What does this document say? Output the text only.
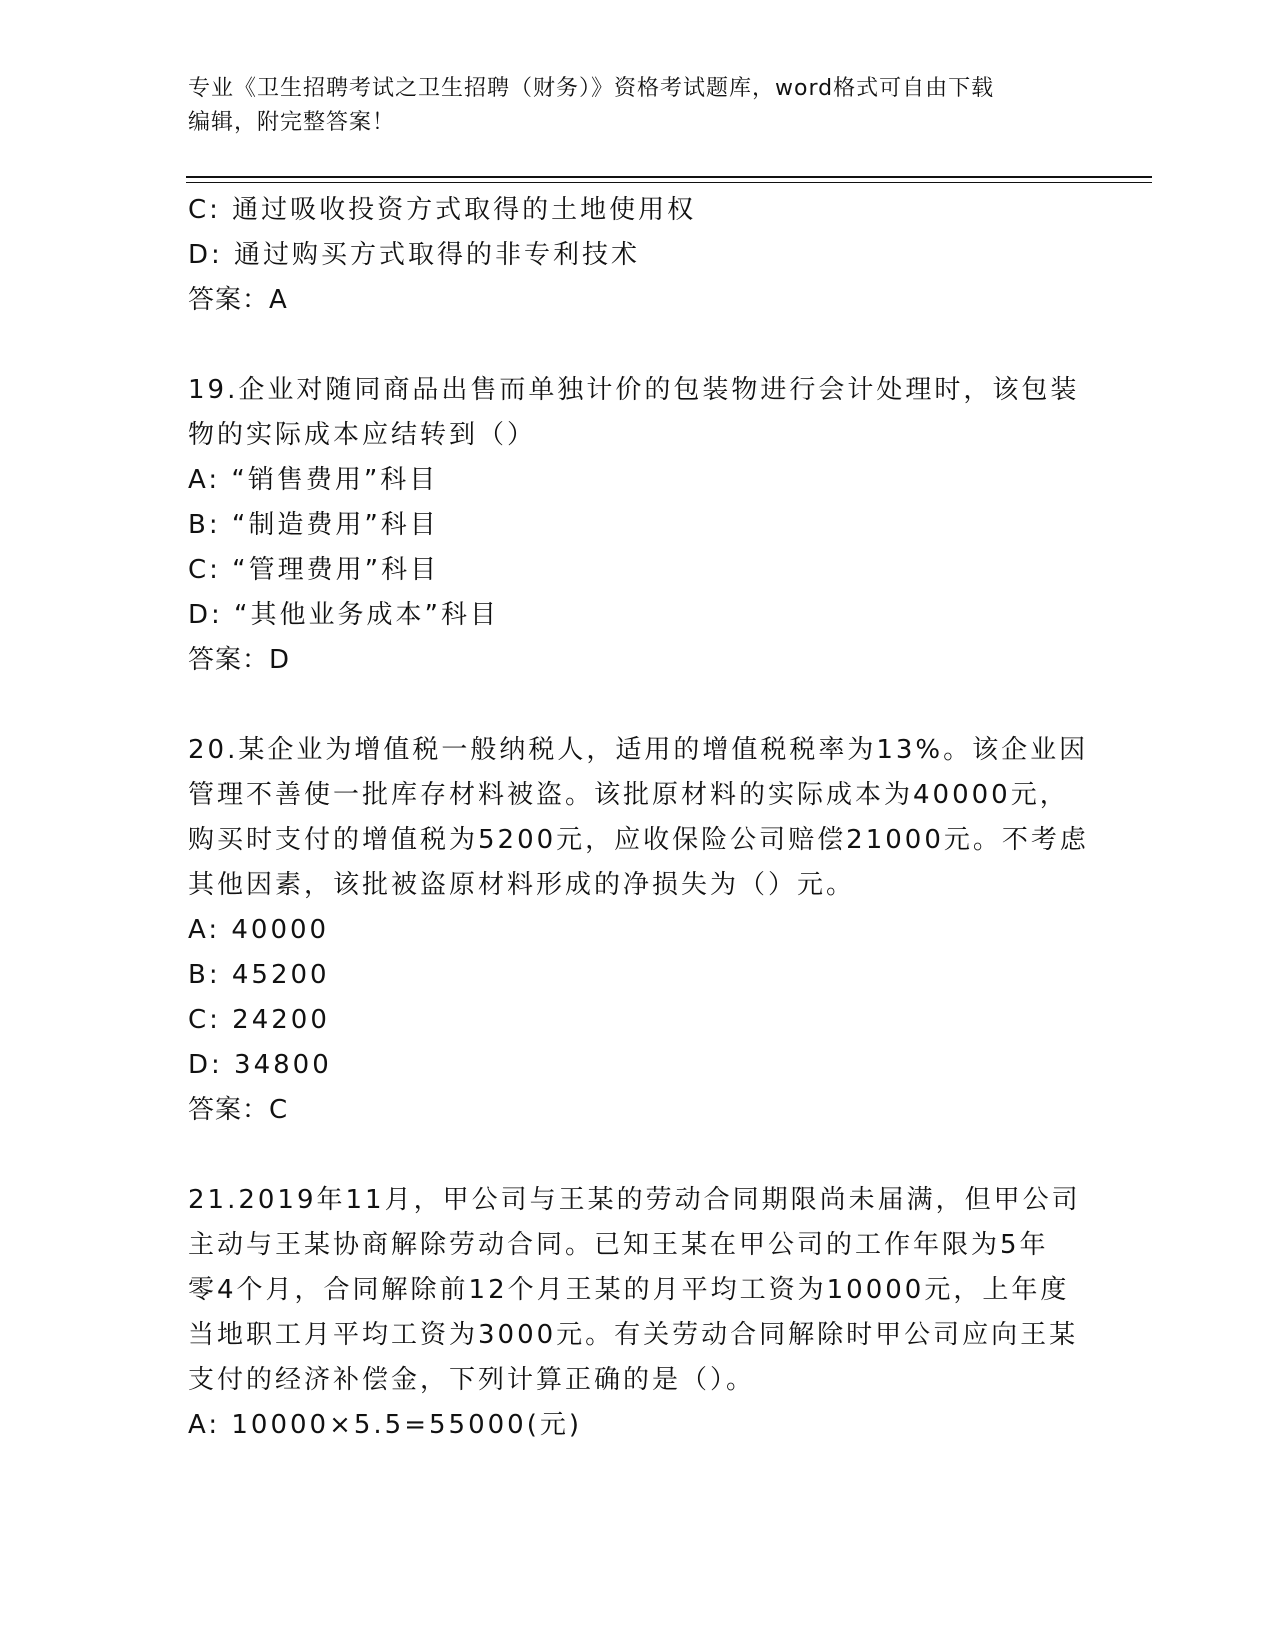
专业《卫生招聘考试之卫生招聘（财务）》资格考试题库，word格式可自由下载
编辑，附完整答案！
C: 通过吸收投资方式取得的土地使用权
D: 通过购买方式取得的非专利技术
答案：A
19.企业对随同商品出售而单独计价的包装物进行会计处理时，该包装
物的实际成本应结转到（）
A: “销售费用”科目
B: “制造费用”科目
C: “管理费用”科目
D: “其他业务成本”科目
答案：D
20.某企业为增值税一般纳税人，适用的增值税税率为13%。该企业因
管理不善使一批库存材料被盗。该批原材料的实际成本为40000元，
购买时支付的增值税为5200元，应收保险公司赔偿21000元。不考虑
其他因素，该批被盗原材料形成的净损失为（）元。
A: 40000
B: 45200
C: 24200
D: 34800
答案：C
21.2019年11月，甲公司与王某的劳动合同期限尚未届满，但甲公司
主动与王某协商解除劳动合同。已知王某在甲公司的工作年限为5年
零4个月，合同解除前12个月王某的月平均工资为10000元，上年度
当地职工月平均工资为3000元。有关劳动合同解除时甲公司应向王某
支付的经济补偿金，下列计算正确的是（）。
A: 10000×5.5=55000(元)
